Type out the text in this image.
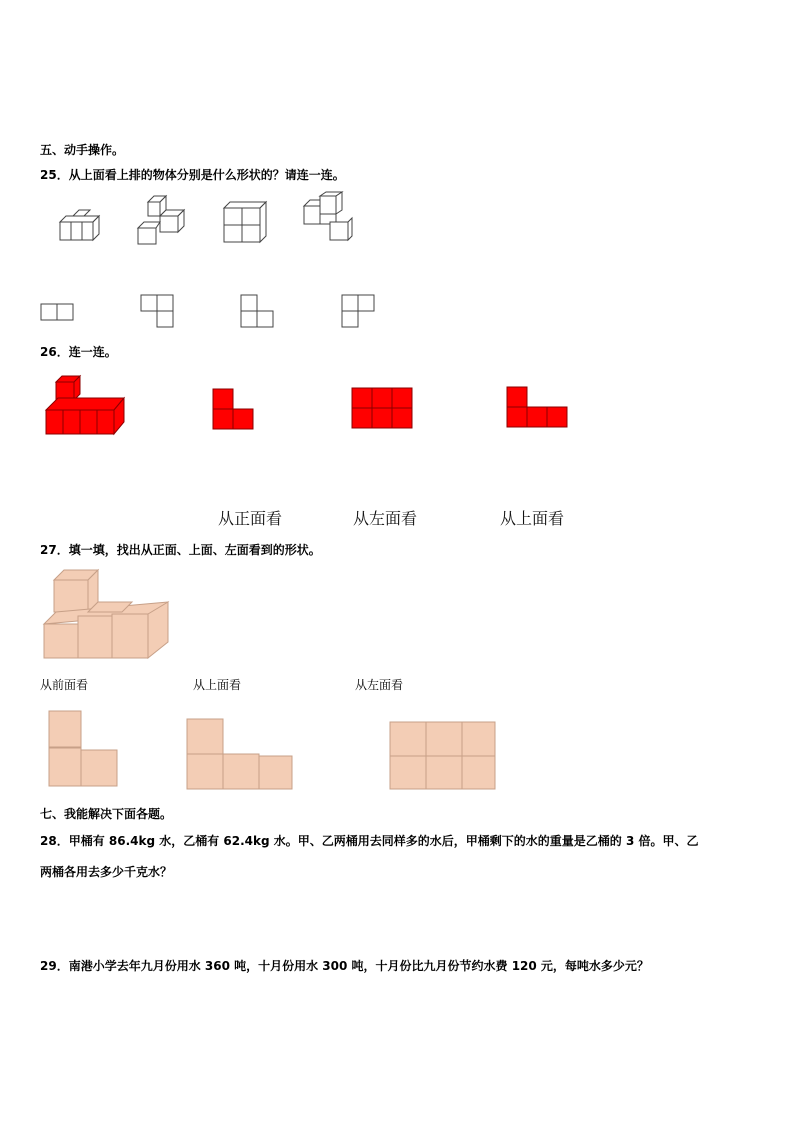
五、动手操作。
25．从上面看上排的物体分别是什么形状的？请连一连。
26．连一连。
从正面看	从左面看	从上面看
27．填一填，找出从正面、上面、左面看到的形状。
从前面看	从上面看	从左面看
七、我能解决下面各题。
28．甲桶有 86.4kg 水，乙桶有 62.4kg 水。甲、乙两桶用去同样多的水后，甲桶剩下的水的重量是乙桶的 3 倍。甲、乙
两桶各用去多少千克水？
29．南港小学去年九月份用水 360 吨，十月份用水 300 吨，十月份比九月份节约水费 120 元，每吨水多少元？
